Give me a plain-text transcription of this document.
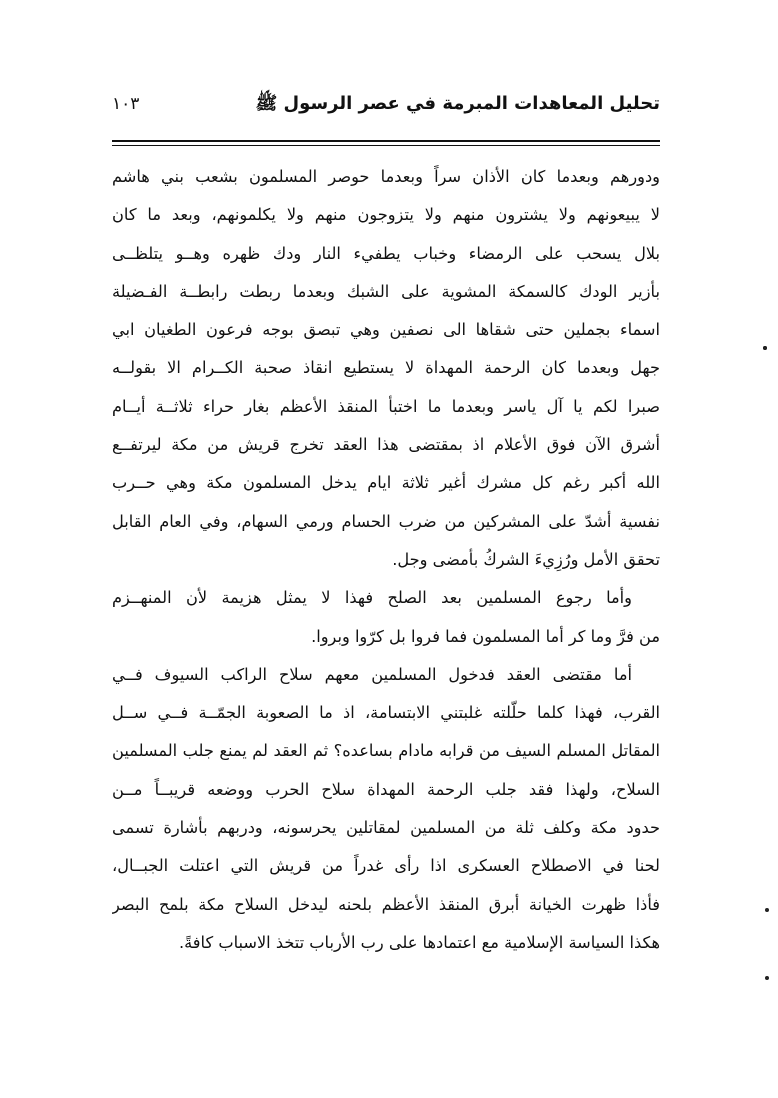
تحليل المعاهدات المبرمة في عصر الرسول ﷺ
١٠٣
ودورهم وبعدما كان الأذان سراً وبعدما حوصر المسلمون بشعب بني هاشم
لا يبيعونهم ولا يشترون منهم ولا يتزوجون منهم ولا يكلمونهم، وبعد ما كان
بلال يسحب على الرمضاء وخباب يطفيء النار ودك ظهره وهــو يتلظــى
بأزير الودك كالسمكة المشوية على الشبك وبعدما ربطت رابطــة الفـضيلة
اسماء بجملين حتى شقاها الى نصفين وهي تبصق بوجه فرعون الطغيان ابي
جهل وبعدما كان الرحمة المهداة لا يستطيع انقاذ صحبة الكــرام الا بقولــه
صبرا لكم يا آل ياسر وبعدما ما اختبأ المنقذ الأعظم بغار حراء ثلاثــة أيــام
أشرق الآن فوق الأعلام اذ بمقتضى هذا العقد تخرج قريش من مكة ليرتفــع
الله أكبر رغم كل مشرك أغير ثلاثة ايام يدخل المسلمون مكة وهي حــرب
نفسية أشدّ على المشركين من ضرب الحسام ورمي السهام، وفي العام القابل
تحقق الأمل ورُزِيءَ الشركُ بأمضى وجل.
وأما رجوع المسلمين بعد الصلح فهذا لا يمثل هزيمة لأن المنهــزم
من فرَّ وما كر أما المسلمون فما فروا بل كرّوا وبروا.
أما مقتضى العقد فدخول المسلمين معهم سلاح الراكب السيوف فــي
القرب، فهذا كلما حلّلته غلبتني الابتسامة، اذ ما الصعوبة الجمّــة فــي ســل
المقاتل المسلم السيف من قرابه مادام بساعده؟ ثم العقد لم يمنع جلب المسلمين
السلاح، ولهذا فقد جلب الرحمة المهداة سلاح الحرب ووضعه قريبــاً مــن
حدود مكة وكلف ثلة من المسلمين لمقاتلين يحرسونه، ودربهم بأشارة تسمى
لحنا في الاصطلاح العسكرى اذا رأى غدراً من قريش التي اعتلت الجبــال،
فأذا ظهرت الخيانة أبرق المنقذ الأعظم بلحنه ليدخل السلاح مكة بلمح البصر
هكذا السياسة الإسلامية مع اعتمادها على رب الأرباب تتخذ الاسباب كافةً.
